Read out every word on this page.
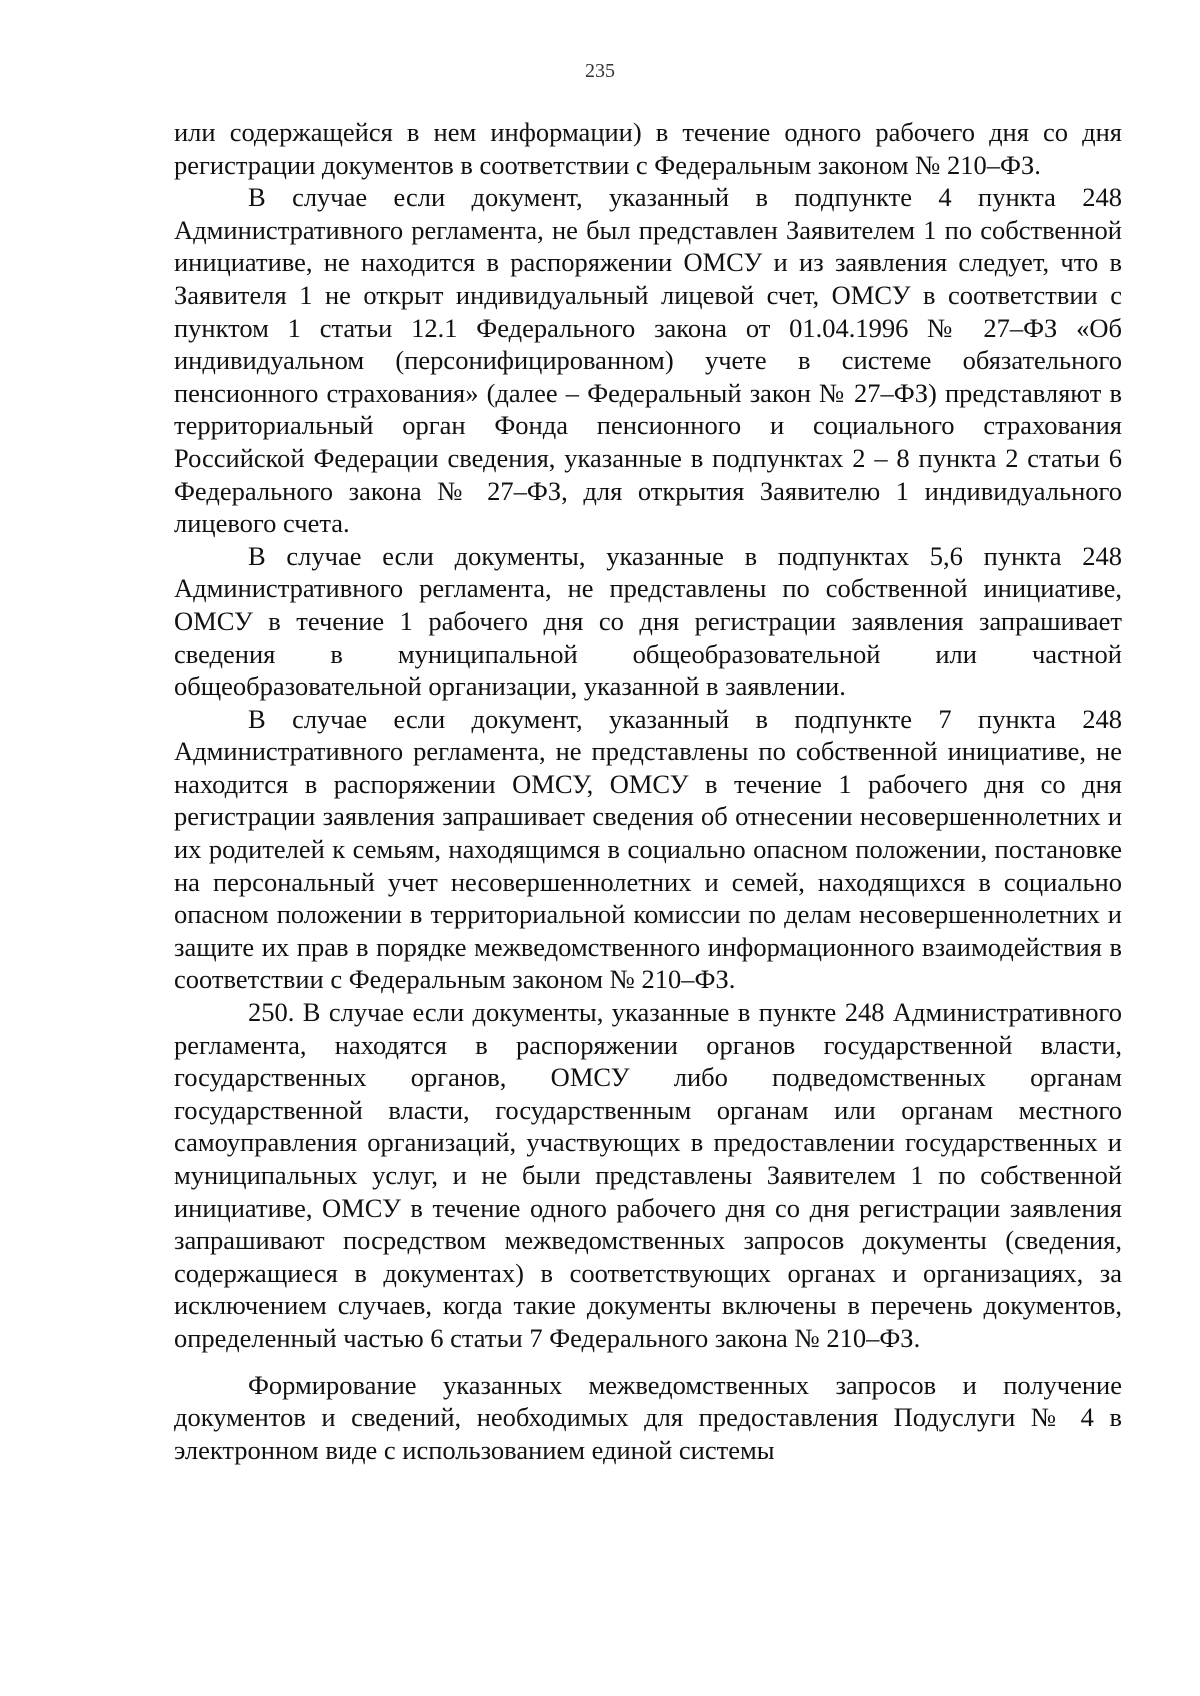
235

или содержащейся в нем информации) в течение одного рабочего дня со дня регистрации документов в соответствии с Федеральным законом № 210–ФЗ.

В случае если документ, указанный в подпункте 4 пункта 248 Административного регламента, не был представлен Заявителем 1 по собственной инициативе, не находится в распоряжении ОМСУ и из заявления следует, что в Заявителя 1 не открыт индивидуальный лицевой счет, ОМСУ в соответствии с пунктом 1 статьи 12.1 Федерального закона от 01.04.1996 № 27–ФЗ «Об индивидуальном (персонифицированном) учете в системе обязательного пенсионного страхования» (далее – Федеральный закон № 27–ФЗ) представляют в территориальный орган Фонда пенсионного и социального страхования Российской Федерации сведения, указанные в подпунктах 2 – 8 пункта 2 статьи 6 Федерального закона № 27–ФЗ, для открытия Заявителю 1 индивидуального лицевого счета.

В случае если документы, указанные в подпунктах 5,6 пункта 248 Административного регламента, не представлены по собственной инициативе, ОМСУ в течение 1 рабочего дня со дня регистрации заявления запрашивает сведения в муниципальной общеобразовательной или частной общеобразовательной организации, указанной в заявлении.

В случае если документ, указанный в подпункте 7 пункта 248 Административного регламента, не представлены по собственной инициативе, не находится в распоряжении ОМСУ, ОМСУ в течение 1 рабочего дня со дня регистрации заявления запрашивает сведения об отнесении несовершеннолетних и их родителей к семьям, находящимся в социально опасном положении, постановке на персональный учет несовершеннолетних и семей, находящихся в социально опасном положении в территориальной комиссии по делам несовершеннолетних и защите их прав в порядке межведомственного информационного взаимодействия в соответствии с Федеральным законом № 210–ФЗ.

250. В случае если документы, указанные в пункте 248 Административного регламента, находятся в распоряжении органов государственной власти, государственных органов, ОМСУ либо подведомственных органам государственной власти, государственным органам или органам местного самоуправления организаций, участвующих в предоставлении государственных и муниципальных услуг, и не были представлены Заявителем 1 по собственной инициативе, ОМСУ в течение одного рабочего дня со дня регистрации заявления запрашивают посредством межведомственных запросов документы (сведения, содержащиеся в документах) в соответствующих органах и организациях, за исключением случаев, когда такие документы включены в перечень документов, определенный частью 6 статьи 7 Федерального закона № 210–ФЗ.

Формирование указанных межведомственных запросов и получение документов и сведений, необходимых для предоставления Подуслуги № 4 в электронном виде с использованием единой системы
